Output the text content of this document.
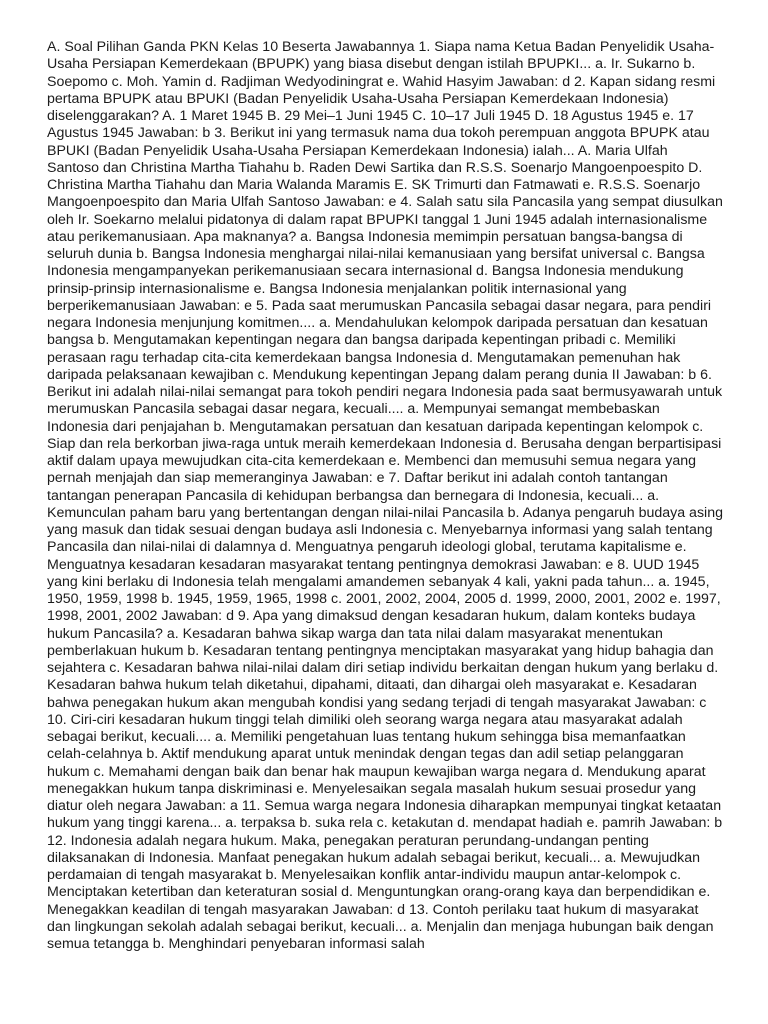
A. Soal Pilihan Ganda PKN Kelas 10 Beserta Jawabannya 1. Siapa nama Ketua Badan Penyelidik Usaha-Usaha Persiapan Kemerdekaan (BPUPK) yang biasa disebut dengan istilah BPUPKI... a. Ir. Sukarno b. Soepomo c. Moh. Yamin d. Radjiman Wedyodiningrat e. Wahid Hasyim Jawaban: d 2. Kapan sidang resmi pertama BPUPK atau BPUKI (Badan Penyelidik Usaha-Usaha Persiapan Kemerdekaan Indonesia) diselenggarakan? A. 1 Maret 1945 B. 29 Mei–1 Juni 1945 C. 10–17 Juli 1945 D. 18 Agustus 1945 e. 17 Agustus 1945 Jawaban: b 3. Berikut ini yang termasuk nama dua tokoh perempuan anggota BPUPK atau BPUKI (Badan Penyelidik Usaha-Usaha Persiapan Kemerdekaan Indonesia) ialah... A. Maria Ulfah Santoso dan Christina Martha Tiahahu b. Raden Dewi Sartika dan R.S.S. Soenarjo Mangoenpoespito D. Christina Martha Tiahahu dan Maria Walanda Maramis E. SK Trimurti dan Fatmawati e. R.S.S. Soenarjo Mangoenpoespito dan Maria Ulfah Santoso Jawaban: e 4. Salah satu sila Pancasila yang sempat diusulkan oleh Ir. Soekarno melalui pidatonya di dalam rapat BPUPKI tanggal 1 Juni 1945 adalah internasionalisme atau perikemanusiaan. Apa maknanya? a. Bangsa Indonesia memimpin persatuan bangsa-bangsa di seluruh dunia b. Bangsa Indonesia menghargai nilai-nilai kemanusiaan yang bersifat universal c. Bangsa Indonesia mengampanyekan perikemanusiaan secara internasional d. Bangsa Indonesia mendukung prinsip-prinsip internasionalisme e. Bangsa Indonesia menjalankan politik internasional yang berperikemanusiaan Jawaban: e 5. Pada saat merumuskan Pancasila sebagai dasar negara, para pendiri negara Indonesia menjunjung komitmen.... a. Mendahulukan kelompok daripada persatuan dan kesatuan bangsa b. Mengutamakan kepentingan negara dan bangsa daripada kepentingan pribadi c. Memiliki perasaan ragu terhadap cita-cita kemerdekaan bangsa Indonesia d. Mengutamakan pemenuhan hak daripada pelaksanaan kewajiban c. Mendukung kepentingan Jepang dalam perang dunia II Jawaban: b 6. Berikut ini adalah nilai-nilai semangat para tokoh pendiri negara Indonesia pada saat bermusyawarah untuk merumuskan Pancasila sebagai dasar negara, kecuali.... a. Mempunyai semangat membebaskan Indonesia dari penjajahan b. Mengutamakan persatuan dan kesatuan daripada kepentingan kelompok c. Siap dan rela berkorban jiwa-raga untuk meraih kemerdekaan Indonesia d. Berusaha dengan berpartisipasi aktif dalam upaya mewujudkan cita-cita kemerdekaan e. Membenci dan memusuhi semua negara yang pernah menjajah dan siap memeranginya Jawaban: e 7. Daftar berikut ini adalah contoh tantangan tantangan penerapan Pancasila di kehidupan berbangsa dan bernegara di Indonesia, kecuali... a. Kemunculan paham baru yang bertentangan dengan nilai-nilai Pancasila b. Adanya pengaruh budaya asing yang masuk dan tidak sesuai dengan budaya asli Indonesia c. Menyebarnya informasi yang salah tentang Pancasila dan nilai-nilai di dalamnya d. Menguatnya pengaruh ideologi global, terutama kapitalisme e. Menguatnya kesadaran kesadaran masyarakat tentang pentingnya demokrasi Jawaban: e 8. UUD 1945 yang kini berlaku di Indonesia telah mengalami amandemen sebanyak 4 kali, yakni pada tahun... a. 1945, 1950, 1959, 1998 b. 1945, 1959, 1965, 1998 c. 2001, 2002, 2004, 2005 d. 1999, 2000, 2001, 2002 e. 1997, 1998, 2001, 2002 Jawaban: d 9. Apa yang dimaksud dengan kesadaran hukum, dalam konteks budaya hukum Pancasila? a. Kesadaran bahwa sikap warga dan tata nilai dalam masyarakat menentukan pemberlakuan hukum b. Kesadaran tentang pentingnya menciptakan masyarakat yang hidup bahagia dan sejahtera c. Kesadaran bahwa nilai-nilai dalam diri setiap individu berkaitan dengan hukum yang berlaku d. Kesadaran bahwa hukum telah diketahui, dipahami, ditaati, dan dihargai oleh masyarakat e. Kesadaran bahwa penegakan hukum akan mengubah kondisi yang sedang terjadi di tengah masyarakat Jawaban: c 10. Ciri-ciri kesadaran hukum tinggi telah dimiliki oleh seorang warga negara atau masyarakat adalah sebagai berikut, kecuali.... a. Memiliki pengetahuan luas tentang hukum sehingga bisa memanfaatkan celah-celahnya b. Aktif mendukung aparat untuk menindak dengan tegas dan adil setiap pelanggaran hukum c. Memahami dengan baik dan benar hak maupun kewajiban warga negara d. Mendukung aparat menegakkan hukum tanpa diskriminasi e. Menyelesaikan segala masalah hukum sesuai prosedur yang diatur oleh negara Jawaban: a 11. Semua warga negara Indonesia diharapkan mempunyai tingkat ketaatan hukum yang tinggi karena... a. terpaksa b. suka rela c. ketakutan d. mendapat hadiah e. pamrih Jawaban: b 12. Indonesia adalah negara hukum. Maka, penegakan peraturan perundang-undangan penting dilaksanakan di Indonesia. Manfaat penegakan hukum adalah sebagai berikut, kecuali... a. Mewujudkan perdamaian di tengah masyarakat b. Menyelesaikan konflik antar-individu maupun antar-kelompok c. Menciptakan ketertiban dan keteraturan sosial d. Menguntungkan orang-orang kaya dan berpendidikan e. Menegakkan keadilan di tengah masyarakan Jawaban: d 13. Contoh perilaku taat hukum di masyarakat dan lingkungan sekolah adalah sebagai berikut, kecuali... a. Menjalin dan menjaga hubungan baik dengan semua tetangga b. Menghindari penyebaran informasi salah
